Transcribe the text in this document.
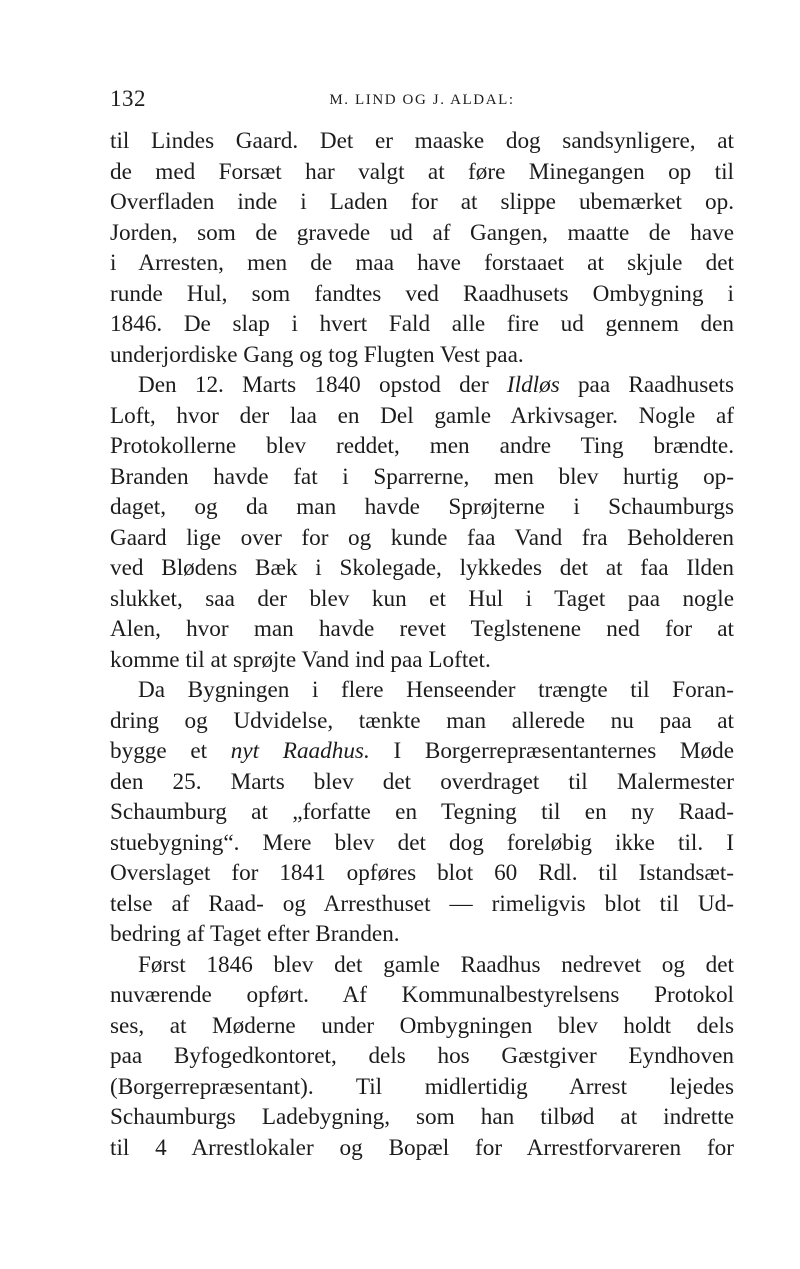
132	M. LIND OG J. ALDAL:

til Lindes Gaard. Det er maaske dog sandsynligere, at
de med Forsæt har valgt at føre Minegangen op til
Overfladen inde i Laden for at slippe ubemærket op.
Jorden, som de gravede ud af Gangen, maatte de have
i Arresten, men de maa have forstaaet at skjule det
runde Hul, som fandtes ved Raadhusets Ombygning i
1846. De slap i hvert Fald alle fire ud gennem den
underjordiske Gang og tog Flugten Vest paa.

Den 12. Marts 1840 opstod der Ildløs paa Raadhusets
Loft, hvor der laa en Del gamle Arkivsager. Nogle af
Protokollerne blev reddet, men andre Ting brændte.
Branden havde fat i Sparrerne, men blev hurtig op-
daget, og da man havde Sprøjterne i Schaumburgs
Gaard lige over for og kunde faa Vand fra Beholderen
ved Blødens Bæk i Skolegade, lykkedes det at faa Ilden
slukket, saa der blev kun et Hul i Taget paa nogle
Alen, hvor man havde revet Teglstenene ned for at
komme til at sprøjte Vand ind paa Loftet.

Da Bygningen i flere Henseender trængte til Foran-
dring og Udvidelse, tænkte man allerede nu paa at
bygge et nyt Raadhus. I Borgerrepræsentanternes Møde
den 25. Marts blev det overdraget til Malermester
Schaumburg at „forfatte en Tegning til en ny Raad-
stuebygning“. Mere blev det dog foreløbig ikke til. I
Overslaget for 1841 opføres blot 60 Rdl. til Istandsæt-
telse af Raad- og Arresthuset — rimeligvis blot til Ud-
bedring af Taget efter Branden.

Først 1846 blev det gamle Raadhus nedrevet og det
nuværende opført. Af Kommunalbestyrelsens Protokol
ses, at Møderne under Ombygningen blev holdt dels
paa Byfogedkontoret, dels hos Gæstgiver Eyndhoven
(Borgerrepræsentant). Til midlertidig Arrest lejedes
Schaumburgs Ladebygning, som han tilbød at indrette
til 4 Arrestlokaler og Bopæl for Arrestforvareren for
